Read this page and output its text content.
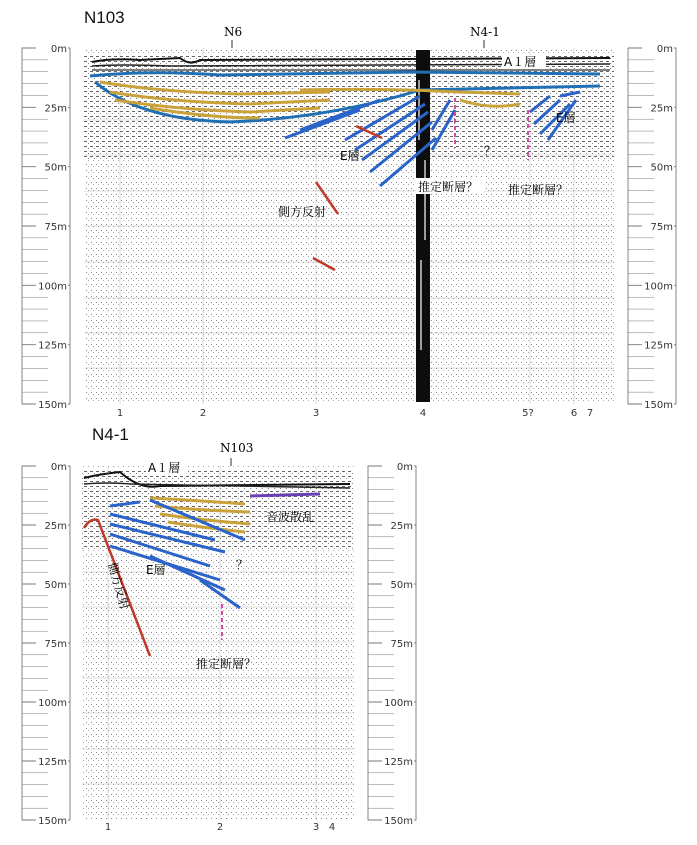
N103
0m
25m
50m
75m
100m
125m
150m
0m
25m
50m
75m
100m
125m
150m
0m
25m
50m
75m
100m
125m
150m
0m
25m
50m
75m
100m
125m
150m
N6	N4-1
A１層
E層
E層
推定断層？ 推定断層？
側方反射
？
1	2	3	4	5?	6 7
N103
A１層
音波散乱
E層	？
推定断層？
側方反射
1	2	3 4
N4-1
